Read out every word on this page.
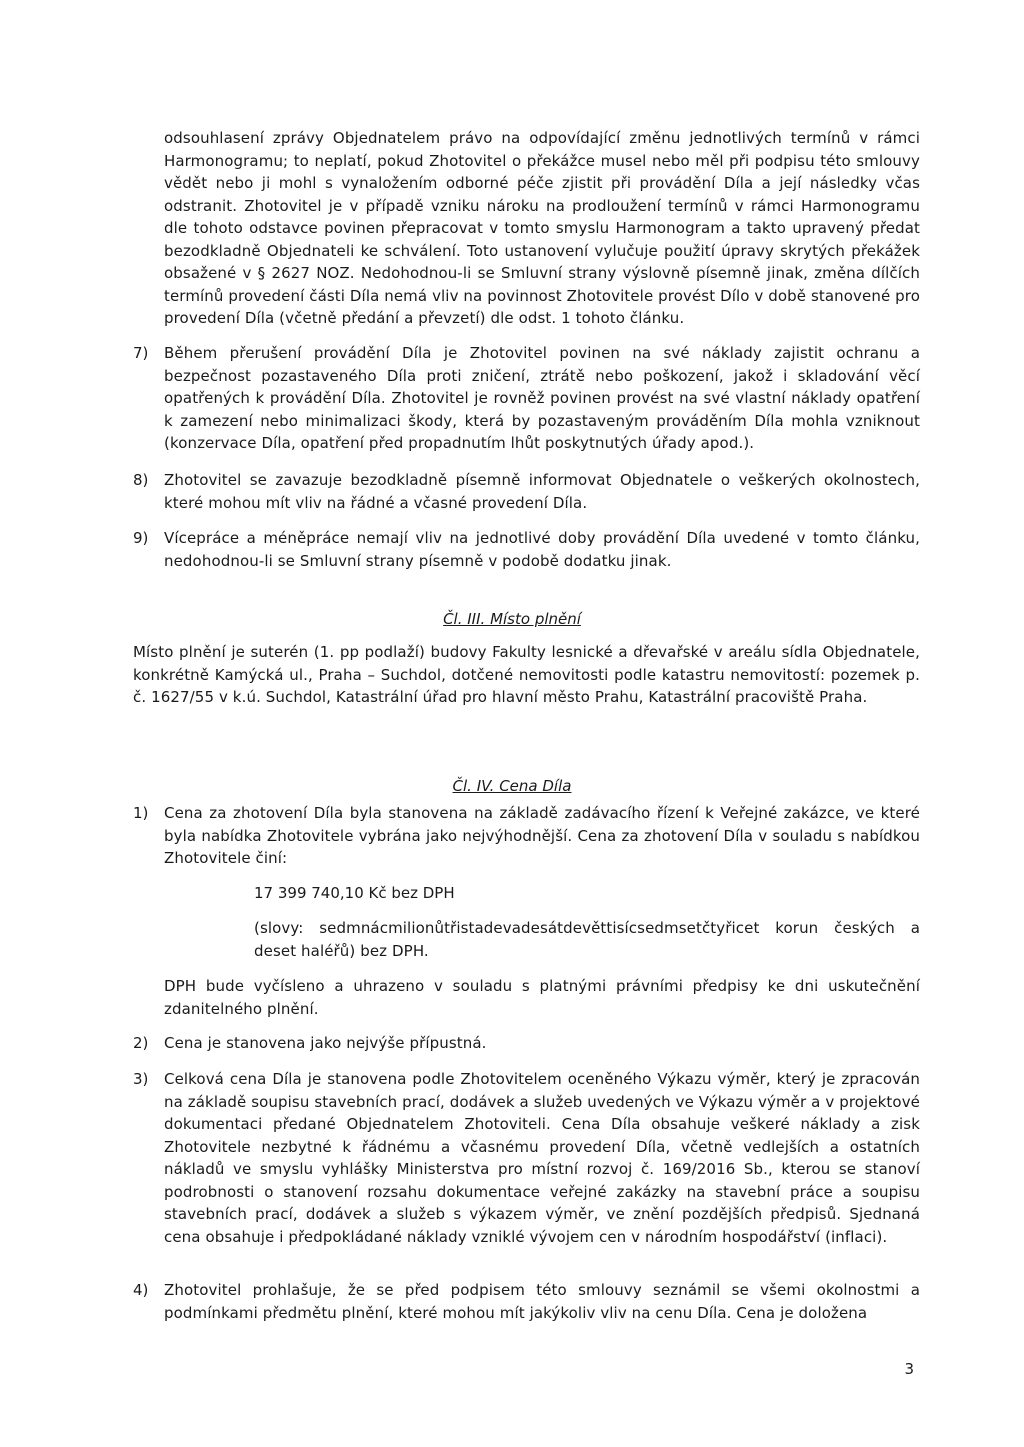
odsouhlasení zprávy Objednatelem právo na odpovídající změnu jednotlivých termínů v rámci Harmonogramu; to neplatí, pokud Zhotovitel o překážce musel nebo měl při podpisu této smlouvy vědět nebo ji mohl s vynaložením odborné péče zjistit při provádění Díla a její následky včas odstranit. Zhotovitel je v případě vzniku nároku na prodloužení termínů v rámci Harmonogramu dle tohoto odstavce povinen přepracovat v tomto smyslu Harmonogram a takto upravený předat bezodkladně Objednateli ke schválení. Toto ustanovení vylučuje použití úpravy skrytých překážek obsažené v § 2627 NOZ. Nedohodnou-li se Smluvní strany výslovně písemně jinak, změna dílčích termínů provedení části Díla nemá vliv na povinnost Zhotovitele provést Dílo v době stanovené pro provedení Díla (včetně předání a převzetí) dle odst. 1 tohoto článku.

7) Během přerušení provádění Díla je Zhotovitel povinen na své náklady zajistit ochranu a bezpečnost pozastaveného Díla proti zničení, ztrátě nebo poškození, jakož i skladování věcí opatřených k provádění Díla. Zhotovitel je rovněž povinen provést na své vlastní náklady opatření k zamezení nebo minimalizaci škody, která by pozastaveným prováděním Díla mohla vzniknout (konzervace Díla, opatření před propadnutím lhůt poskytnutých úřady apod.).

8) Zhotovitel se zavazuje bezodkladně písemně informovat Objednatele o veškerých okolnostech, které mohou mít vliv na řádné a včasné provedení Díla.

9) Vícepráce a méněpráce nemají vliv na jednotlivé doby provádění Díla uvedené v tomto článku, nedohodnou-li se Smluvní strany písemně v podobě dodatku jinak.

Čl. III. Místo plnění

Místo plnění je suterén (1. pp podlaží) budovy Fakulty lesnické a dřevařské v areálu sídla Objednatele, konkrétně Kamýcká ul., Praha – Suchdol, dotčené nemovitosti podle katastru nemovitostí: pozemek p. č. 1627/55 v k.ú. Suchdol, Katastrální úřad pro hlavní město Prahu, Katastrální pracoviště Praha.

Čl. IV. Cena Díla
1) Cena za zhotovení Díla byla stanovena na základě zadávacího řízení k Veřejné zakázce, ve které byla nabídka Zhotovitele vybrána jako nejvýhodnější. Cena za zhotovení Díla v souladu s nabídkou Zhotovitele činí:

17 399 740,10 Kč bez DPH

(slovy: sedmnácmilionůtřistadevadesátdevěttisícsedmsetčtyřicet korun českých a deset haléřů) bez DPH.

DPH bude vyčísleno a uhrazeno v souladu s platnými právními předpisy ke dni uskutečnění zdanitelného plnění.

2) Cena je stanovena jako nejvýše přípustná.

3) Celková cena Díla je stanovena podle Zhotovitelem oceněného Výkazu výměr, který je zpracován na základě soupisu stavebních prací, dodávek a služeb uvedených ve Výkazu výměr a v projektové dokumentaci předané Objednatelem Zhotoviteli. Cena Díla obsahuje veškeré náklady a zisk Zhotovitele nezbytné k řádnému a včasnému provedení Díla, včetně vedlejších a ostatních nákladů ve smyslu vyhlášky Ministerstva pro místní rozvoj č. 169/2016 Sb., kterou se stanoví podrobnosti o stanovení rozsahu dokumentace veřejné zakázky na stavební práce a soupisu stavebních prací, dodávek a služeb s výkazem výměr, ve znění pozdějších předpisů. Sjednaná cena obsahuje i předpokládané náklady vzniklé vývojem cen v národním hospodářství (inflaci).

4) Zhotovitel prohlašuje, že se před podpisem této smlouvy seznámil se všemi okolnostmi a podmínkami předmětu plnění, které mohou mít jakýkoliv vliv na cenu Díla. Cena je doložena

3
